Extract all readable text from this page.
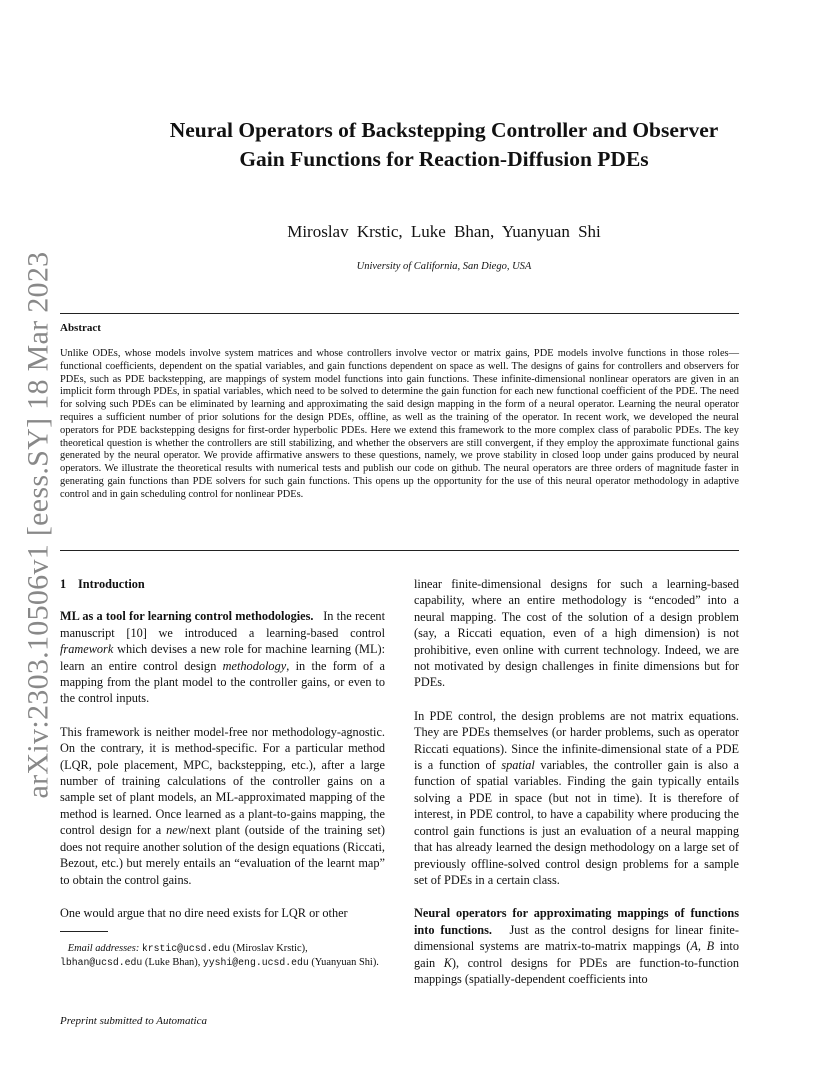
arXiv:2303.10506v1 [eess.SY] 18 Mar 2023
Neural Operators of Backstepping Controller and Observer
Gain Functions for Reaction-Diffusion PDEs
Miroslav Krstic, Luke Bhan, Yuanyuan Shi
University of California, San Diego, USA
Abstract

Unlike ODEs, whose models involve system matrices and whose controllers involve vector or matrix gains, PDE models involve functions in those roles—functional coefficients, dependent on the spatial variables, and gain functions dependent on space as well. The designs of gains for controllers and observers for PDEs, such as PDE backstepping, are mappings of system model functions into gain functions. These infinite-dimensional nonlinear operators are given in an implicit form through PDEs, in spatial variables, which need to be solved to determine the gain function for each new functional coefficient of the PDE. The need for solving such PDEs can be eliminated by learning and approximating the said design mapping in the form of a neural operator. Learning the neural operator requires a sufficient number of prior solutions for the design PDEs, offline, as well as the training of the operator. In recent work, we developed the neural operators for PDE backstepping designs for first-order hyperbolic PDEs. Here we extend this framework to the more complex class of parabolic PDEs. The key theoretical question is whether the controllers are still stabilizing, and whether the observers are still convergent, if they employ the approximate functional gains generated by the neural operator. We provide affirmative answers to these questions, namely, we prove stability in closed loop under gains produced by neural operators. We illustrate the theoretical results with numerical tests and publish our code on github. The neural operators are three orders of magnitude faster in generating gain functions than PDE solvers for such gain functions. This opens up the opportunity for the use of this neural operator methodology in adaptive control and in gain scheduling control for nonlinear PDEs.

1 Introduction

ML as a tool for learning control methodologies. In the recent manuscript [10] we introduced a learning-based control framework which devises a new role for machine learning (ML): learn an entire control design methodology, in the form of a mapping from the plant model to the controller gains, or even to the control inputs.

This framework is neither model-free nor methodology-agnostic. On the contrary, it is method-specific. For a particular method (LQR, pole placement, MPC, backstepping, etc.), after a large number of training calculations of the controller gains on a sample set of plant models, an ML-approximated mapping of the method is learned. Once learned as a plant-to-gains mapping, the control design for a new/next plant (outside of the training set) does not require another solution of the design equations (Riccati, Bezout, etc.) but merely entails an “evaluation of the learnt map” to obtain the control gains.

One would argue that no dire need exists for LQR or other

Email addresses: krstic@ucsd.edu (Miroslav Krstic), lbhan@ucsd.edu (Luke Bhan), yyshi@eng.ucsd.edu (Yuanyuan Shi).

linear finite-dimensional designs for such a learning-based capability, where an entire methodology is “encoded” into a neural mapping. The cost of the solution of a design problem (say, a Riccati equation, even of a high dimension) is not prohibitive, even online with current technology. Indeed, we are not motivated by design challenges in finite dimensions but for PDEs.

In PDE control, the design problems are not matrix equations. They are PDEs themselves (or harder problems, such as operator Riccati equations). Since the infinite-dimensional state of a PDE is a function of spatial variables, the controller gain is also a function of spatial variables. Finding the gain typically entails solving a PDE in space (but not in time). It is therefore of interest, in PDE control, to have a capability where producing the control gain functions is just an evaluation of a neural mapping that has already learned the design methodology on a large set of previously offline-solved control design problems for a sample set of PDEs in a certain class.

Neural operators for approximating mappings of functions into functions. Just as the control designs for linear finite-dimensional systems are matrix-to-matrix mappings (A, B into gain K), control designs for PDEs are function-to-function mappings (spatially-dependent coefficients into

Preprint submitted to Automatica
